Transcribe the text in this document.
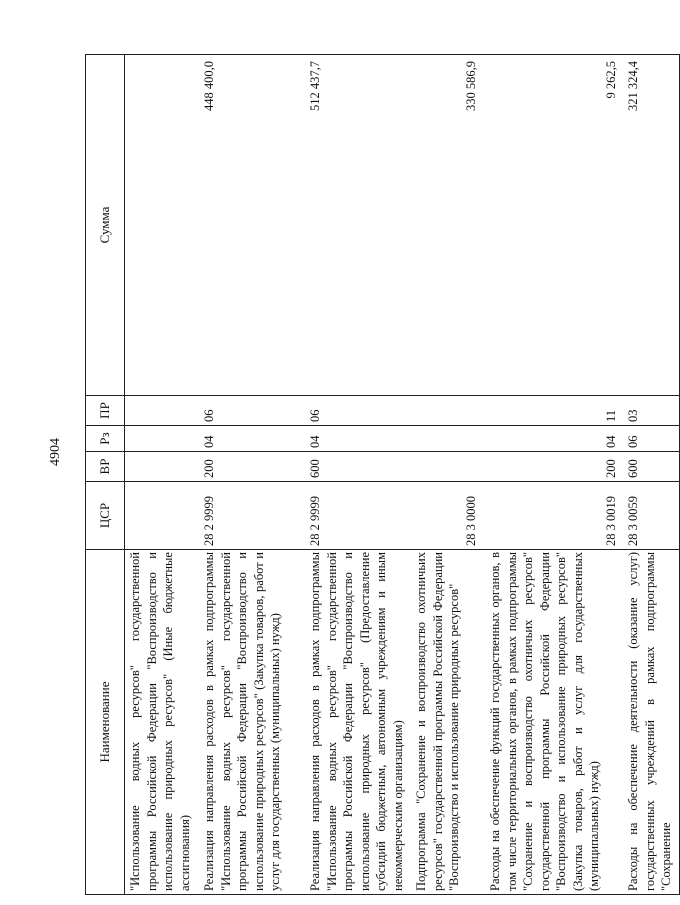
4904
Наименование	ЦСР	ВР	Рз	ПР	Сумма
"Использование водных ресурсов" государственной программы Российской Федерации "Воспроизводство и использование природных ресурсов" (Иные бюджетные ассигнования)					
Реализация направления расходов в рамках подпрограммы "Использование водных ресурсов" государственной программы Российской Федерации "Воспроизводство и использование природных ресурсов" (Закупка товаров, работ и услуг для государственных (муниципальных) нужд)	28 2 9999	200	04	06	448 400,0
Реализация направления расходов в рамках подпрограммы "Использование водных ресурсов" государственной программы Российской Федерации "Воспроизводство и использование природных ресурсов" (Предоставление субсидий бюджетным, автономным учреждениям и иным некоммерческим организациям)	28 2 9999	600	04	06	512 437,7
Подпрограмма "Сохранение и воспроизводство охотничьих ресурсов" государственной программы Российской Федерации "Воспроизводство и использование природных ресурсов"	28 3 0000				330 586,9
Расходы на обеспечение функций государственных органов, в том числе территориальных органов, в рамках подпрограммы "Сохранение и воспроизводство охотничьих ресурсов" государственной программы Российской Федерации "Воспроизводство и использование природных ресурсов" (Закупка товаров, работ и услуг для государственных (муниципальных) нужд)	28 3 0019	200	04	11	9 262,5
Расходы на обеспечение деятельности (оказание услуг) государственных учреждений в рамках подпрограммы "Сохранение	28 3 0059	600	06	03	321 324,4
